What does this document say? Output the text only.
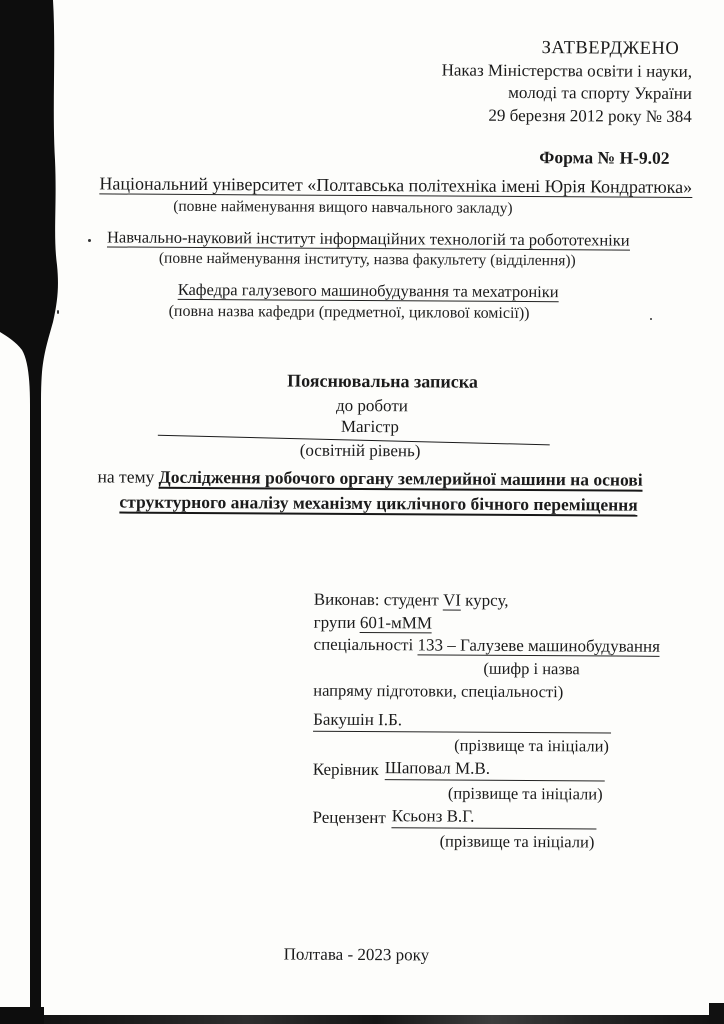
ЗАТВЕРДЖЕНО
Наказ Міністерства освіти і науки,
молоді та спорту України
29 березня 2012 року № 384
Форма № Н-9.02
Національний університет «Полтавська політехніка імені Юрія Кондратюка»
(повне найменування вищого навчального закладу)
Навчально-науковий інститут інформаційних технологій та робототехніки
(повне найменування інституту, назва факультету (відділення))
Кафедра галузевого машинобудування та мехатроніки
(повна назва кафедри (предметної, циклової комісії))
Пояснювальна записка
до роботи
Магістр
(освітній рівень)
на тему Дослідження робочого органу землерийної машини на основі
структурного аналізу механізму циклічного бічного переміщення
Виконав: студент VI курсу,
групи 601-мММ
спеціальності 133 – Галузеве машинобудування
(шифр і назва
напряму підготовки, спеціальності)
Бакушін І.Б.
(прізвище та ініціали)
Керівник Шаповал М.В.
(прізвище та ініціали)
Рецензент Ксьонз В.Г.
(прізвище та ініціали)
Полтава - 2023 року
